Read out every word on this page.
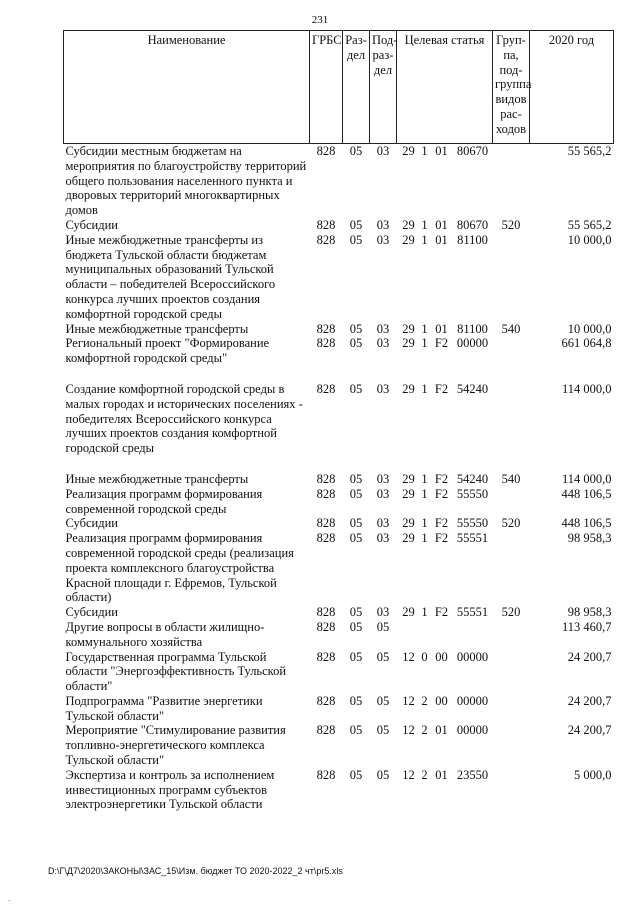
231
Наименование	ГРБС	Раз-дел	Под-раз-дел	Целевая статья	Груп-па, под-группа видов рас-ходов	2020 год
Субсидии местным бюджетам на мероприятия по благоустройству территорий общего пользования населенного пункта и дворовых территорий многоквартирных домов	828	05	03	29 1 01 80670		55 565,2
Субсидии	828	05	03	29 1 01 80670	520	55 565,2
Иные межбюджетные трансферты из бюджета Тульской области бюджетам муниципальных образований Тульской области – победителей Всероссийского конкурса лучших проектов создания комфортной городской среды	828	05	03	29 1 01 81100		10 000,0
Иные межбюджетные трансферты	828	05	03	29 1 01 81100	540	10 000,0
Региональный проект "Формирование комфортной городской среды"	828	05	03	29 1 F2 00000		661 064,8

Создание комфортной городской среды в малых городах и исторических поселениях - победителях Всероссийского конкурса лучших проектов создания комфортной городской среды	828	05	03	29 1 F2 54240		114 000,0

Иные межбюджетные трансферты	828	05	03	29 1 F2 54240	540	114 000,0
Реализация программ формирования современной городской среды	828	05	03	29 1 F2 55550		448 106,5
Субсидии	828	05	03	29 1 F2 55550	520	448 106,5
Реализация программ формирования современной городской среды (реализация проекта комплексного благоустройства Красной площади г. Ефремов, Тульской области)	828	05	03	29 1 F2 55551		98 958,3
Субсидии	828	05	03	29 1 F2 55551	520	98 958,3
Другие вопросы в области жилищно-коммунального хозяйства	828	05	05			113 460,7
Государственная программа Тульской области "Энергоэффективность Тульской области"	828	05	05	12 0 00 00000		24 200,7
Подпрограмма "Развитие энергетики Тульской области"	828	05	05	12 2 00 00000		24 200,7
Мероприятие "Стимулирование развития топливно-энергетического комплекса Тульской области"	828	05	05	12 2 01 00000		24 200,7
Экспертиза и контроль за исполнением инвестиционных программ субъектов электроэнергетики Тульской области	828	05	05	12 2 01 23550		5 000,0
D:\Г\Д7\2020\ЗАКОНЫ\ЗАС_15\Изм. бюджет ТО 2020-2022_2 чт\pr5.xls
-
